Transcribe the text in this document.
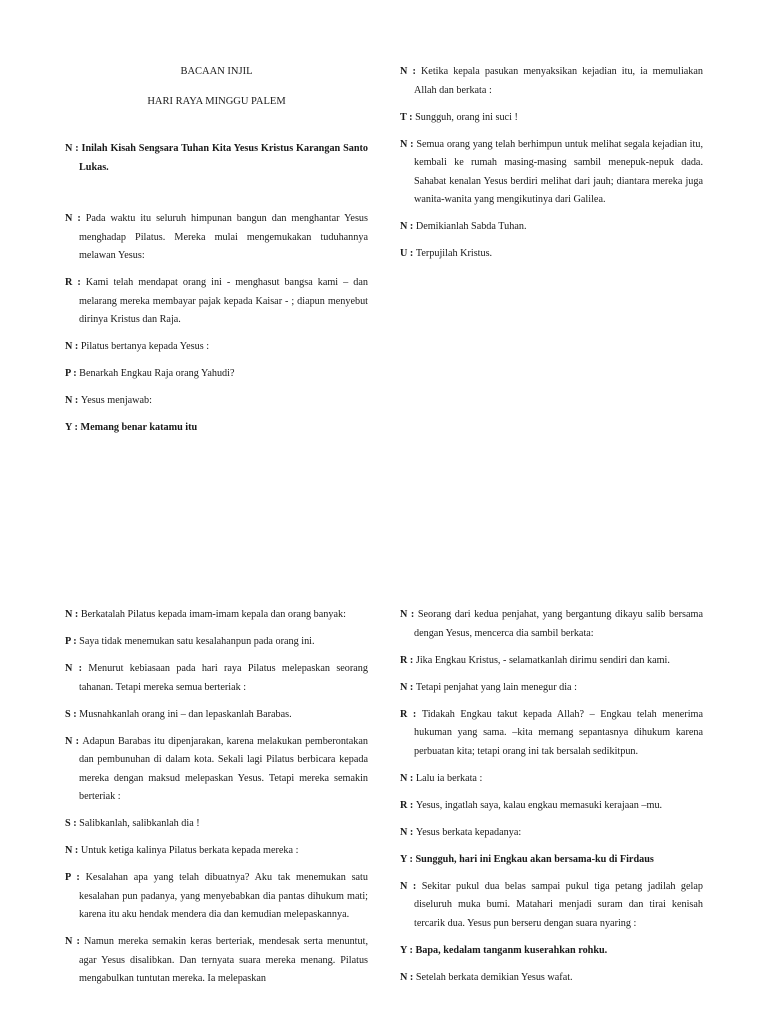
BACAAN INJIL

HARI RAYA MINGGU PALEM

N : Inilah Kisah Sengsara Tuhan Kita Yesus Kristus Karangan Santo Lukas.

N : Pada waktu itu seluruh himpunan bangun dan menghantar Yesus menghadap Pilatus. Mereka mulai mengemukakan tuduhannya melawan Yesus:

R : Kami telah mendapat orang ini - menghasut bangsa kami – dan melarang mereka membayar pajak kepada Kaisar - ; diapun menyebut dirinya Kristus dan Raja.

N : Pilatus bertanya kepada Yesus :

P : Benarkah Engkau Raja orang Yahudi?

N : Yesus menjawab:

Y : Memang benar katamu itu

N : Ketika kepala pasukan menyaksikan kejadian itu, ia memuliakan Allah dan berkata :

T : Sungguh, orang ini suci !

N : Semua orang yang telah berhimpun untuk melihat segala kejadian itu, kembali ke rumah masing-masing sambil menepuk-nepuk dada. Sahabat kenalan Yesus berdiri melihat dari jauh; diantara mereka juga wanita-wanita yang mengikutinya dari Galilea.

N : Demikianlah Sabda Tuhan.

U : Terpujilah Kristus.

N : Berkatalah Pilatus kepada imam-imam kepala dan orang banyak:

P : Saya tidak menemukan satu kesalahanpun pada orang ini.

N : Menurut kebiasaan pada hari raya Pilatus melepaskan seorang tahanan. Tetapi mereka semua berteriak :

S : Musnahkanlah orang ini – dan lepaskanlah Barabas.

N : Adapun Barabas itu dipenjarakan, karena melakukan pemberontakan dan pembunuhan di dalam kota. Sekali lagi Pilatus berbicara kepada mereka dengan maksud melepaskan Yesus. Tetapi mereka semakin berteriak :

S : Salibkanlah, salibkanlah dia !

N : Untuk ketiga kalinya Pilatus berkata kepada mereka :

P : Kesalahan apa yang telah dibuatnya? Aku tak menemukan satu kesalahan pun padanya, yang menyebabkan dia pantas dihukum mati; karena itu aku hendak mendera dia dan kemudian melepaskannya.

N : Namun mereka semakin keras berteriak, mendesak serta menuntut, agar Yesus disalibkan. Dan ternyata suara mereka menang. Pilatus mengabulkan tuntutan mereka. Ia melepaskan

N : Seorang dari kedua penjahat, yang bergantung dikayu salib bersama dengan Yesus, mencerca dia sambil berkata:

R : Jika Engkau Kristus, - selamatkanlah dirimu sendiri dan kami.

N : Tetapi penjahat yang lain menegur dia :

R : Tidakah Engkau takut kepada Allah? – Engkau telah menerima hukuman yang sama. –kita memang sepantasnya dihukum karena perbuatan kita; tetapi orang ini tak bersalah sedikitpun.

N : Lalu ia berkata :

R : Yesus, ingatlah saya, kalau engkau memasuki kerajaan –mu.

N : Yesus berkata kepadanya:

Y : Sungguh, hari ini Engkau akan bersama-ku di Firdaus

N : Sekitar pukul dua belas sampai pukul tiga petang jadilah gelap diseluruh muka bumi. Matahari menjadi suram dan tirai kenisah tercarik dua. Yesus pun berseru dengan suara nyaring :

Y : Bapa, kedalam tanganm kuserahkan rohku.

N : Setelah berkata demikian Yesus wafat.
